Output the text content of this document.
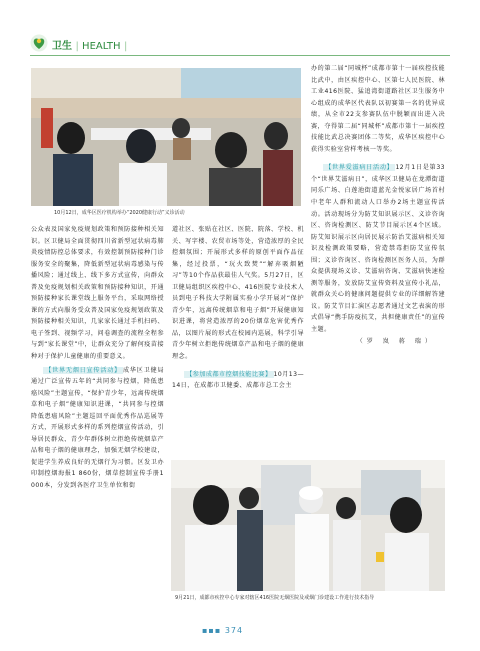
卫生 | HEALTH |
10月12日，成华区医疗机构举办“2020健康行动”义诊活动

公众表及国家免疫规划政策和预防接种相关知识。区卫健局全面贯彻四川省新型冠状病毒肺炎疫情防控总体要求，有效控制预防接种门诊服务安全的聚集，降低新型冠状病毒感染与传播风险；通过线上、线下多方式宣传，向群众普及免疫规划相关政策和预防接种知识，开通预防接种家长课堂线上服务平台，采取网络授课的方式向服务受众普及国家免疫规划政策及预防接种相关知识，几家家长通过手机扫码、电子签到、视频学习，问卷调查的流程全程参与到“家长课堂”中，让群众充分了解何疫苗接种对于保护儿童健康的重要意义。

【世界无烟日宣传活动】 成华区卫健局通过广泛宣传五年的“共同参与控烟，降低患癌风险”主题宣传，“保护青少年，远离传统烟草和电子烟”健康知识进课，“共同参与控烟 降低患癌风险”主题巡回平面优秀作品巡展等方式，开展形式多样的系列控烟宣传活动，引导居民群众、青少年群体树立拒绝传统烟草产品和电子烟的健康理念，加强无烟学校建设，促进学生养成良好的无烟行为习惯。区发卫办印制控烟海报1 860份，烟草控制宣传手册1 000本，分发到各医疗卫生单位和街

道社区、张贴在社区、医院、院落、学校、机关、写字楼、农贸市场等处，营造浓厚的全民控烟氛围；开展形式多样的原创平面作品征集，经过投票，“玩火致焚”“解弃吸烟陋习”等10个作品获最佳人气奖。5月27日，区卫健局组织区疾控中心、416医院专业技术人员到电子科技大学附属实验小学开展对“保护青少年，远离传统烟草和电子烟”开展健康知识进课，将营造浓厚的20份烟草危害优秀作品，以图片展的形式在校园内巡展，科学引导青少年树立拒绝传统烟草产品和电子烟的健康理念。

【参加成都市控烟技能比赛】 10月13—14日，在成都市卫健委、成都市总工会主

办的第二届“同城杯”成都市第十一届疾控技能比武中，由区疾控中心、区第七人民医院、林工业416医院、猛追湾街道路社区卫生服务中心组成的成华区代表队以初赛第一名的优异成绩，从全市22支参赛队伍中脱颖而出进入决赛，夺得第二届“同城杯”成都市第十一届疾控技能比武总决赛团体二等奖，成华区疾控中心获得实验室营样考核一等奖。

【世界爱滋病日活动】 12月1日是第33个“世界艾滋病日”，成华区卫健局在龙潭街道同乐广场、白莲池街道蓝光金悦家居广场首村中老年人群和流动人口举办2场主题宣传活动。活动现场分为防艾知识展示区、义诊咨询区、咨询检测区、防艾节目展示区4个区域。防艾知识展示区向居民展示防治艾滋病相关知识及检测政策要略，营造禁毒拒防艾宣传氛围；义诊咨询区、咨询检测区医务人员，为群众提供现场义诊、艾滋病咨询、艾滋病快速检测等服务，发放防艾宣传资料及宣传小礼品，就群众关心的健康问题提供专业的详细解答建议。防艾节目汇演区志愿者通过文艺表演的形式倡导“携手防疫抗艾，共担健康责任”的宣传主题。

（罗 岚 蒋 瑞）

9月21日，成都市疾控中心专家对辖区416医院无烟医院及戒烟门诊建设工作进行技术指导
▪▪▪ 374
